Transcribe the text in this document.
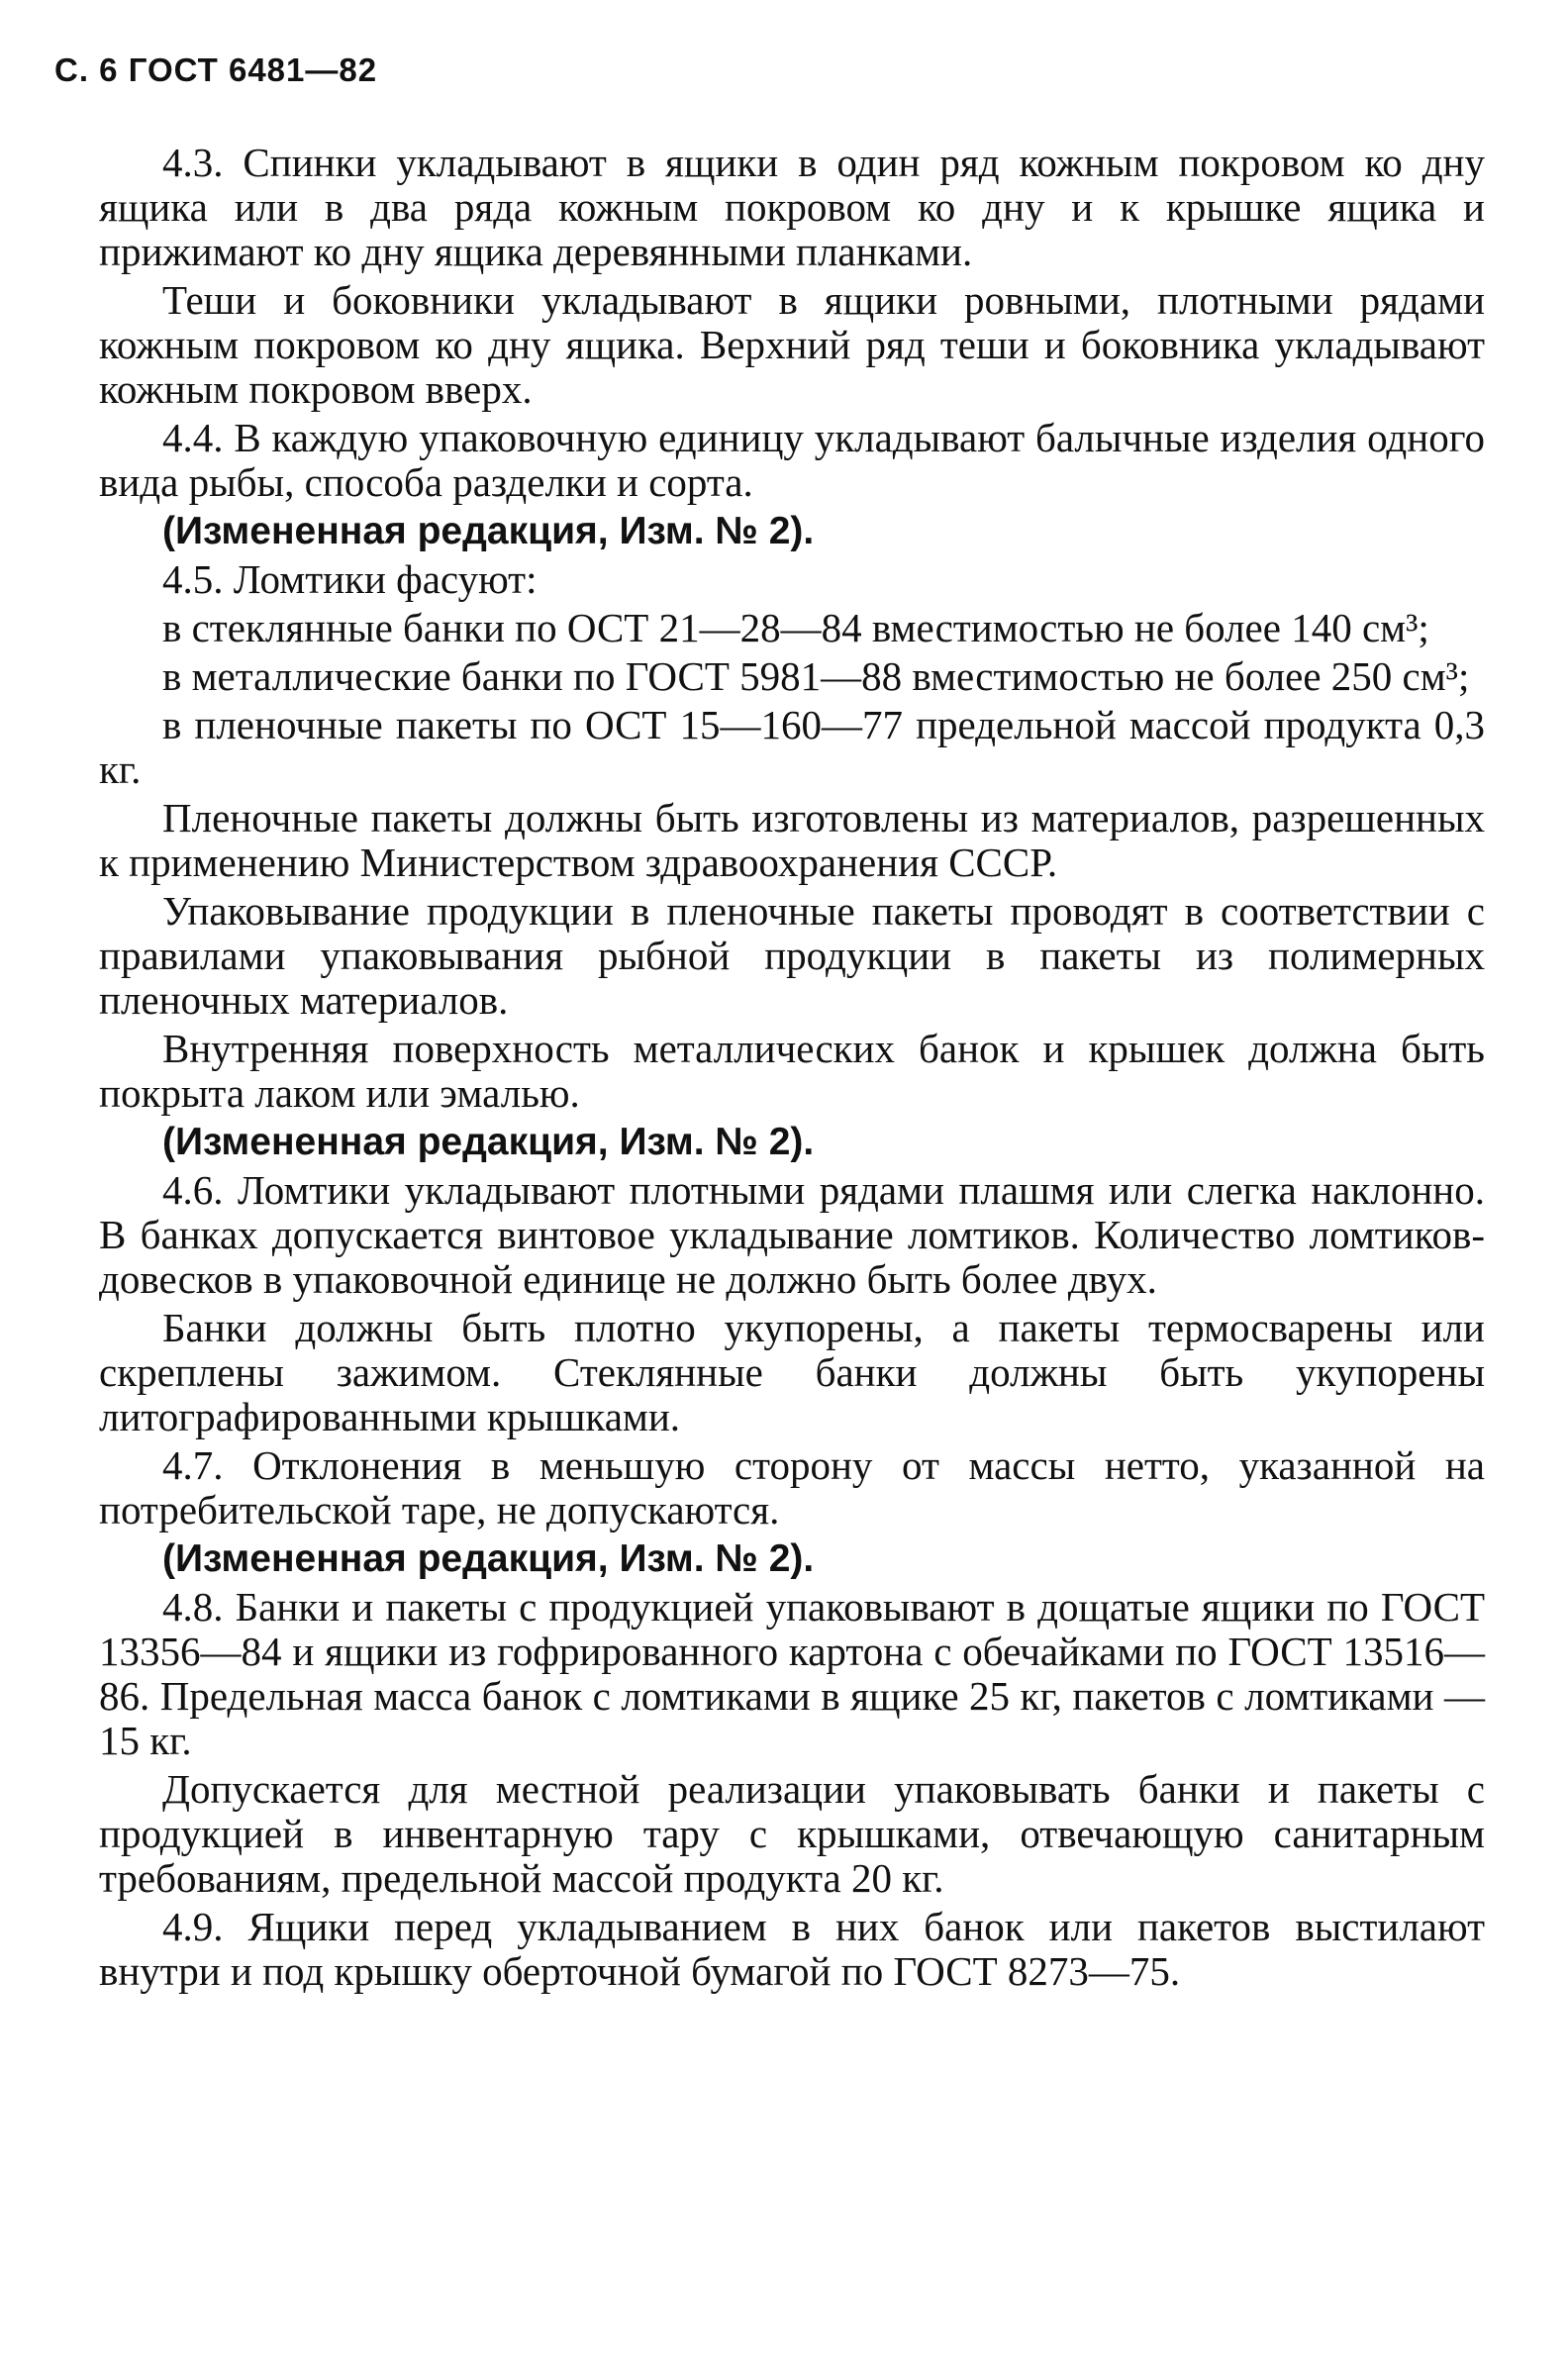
С. 6 ГОСТ 6481—82

4.3. Спинки укладывают в ящики в один ряд кожным покровом ко дну ящика или в два ряда кожным покровом ко дну и к крышке ящика и прижимают ко дну ящика деревянными планками.

Теши и боковники укладывают в ящики ровными, плотными рядами кожным покровом ко дну ящика. Верхний ряд теши и боковника укладывают кожным покровом вверх.

4.4. В каждую упаковочную единицу укладывают балычные изделия одного вида рыбы, способа разделки и сорта.

(Измененная редакция, Изм. № 2).

4.5. Ломтики фасуют:

в стеклянные банки по ОСТ 21—28—84 вместимостью не более 140 см³;

в металлические банки по ГОСТ 5981—88 вместимостью не более 250 см³;

в пленочные пакеты по ОСТ 15—160—77 предельной массой продукта 0,3 кг.

Пленочные пакеты должны быть изготовлены из материалов, разрешенных к применению Министерством здравоохранения СССР.

Упаковывание продукции в пленочные пакеты проводят в соответствии с правилами упаковывания рыбной продукции в пакеты из полимерных пленочных материалов.

Внутренняя поверхность металлических банок и крышек должна быть покрыта лаком или эмалью.

(Измененная редакция, Изм. № 2).

4.6. Ломтики укладывают плотными рядами плашмя или слегка наклонно. В банках допускается винтовое укладывание ломтиков. Количество ломтиков-довесков в упаковочной единице не должно быть более двух.

Банки должны быть плотно укупорены, а пакеты термосварены или скреплены зажимом. Стеклянные банки должны быть укупорены литографированными крышками.

4.7. Отклонения в меньшую сторону от массы нетто, указанной на потребительской таре, не допускаются.

(Измененная редакция, Изм. № 2).

4.8. Банки и пакеты с продукцией упаковывают в дощатые ящики по ГОСТ 13356—84 и ящики из гофрированного картона с обечайками по ГОСТ 13516—86. Предельная масса банок с ломтиками в ящике 25 кг, пакетов с ломтиками — 15 кг.

Допускается для местной реализации упаковывать банки и пакеты с продукцией в инвентарную тару с крышками, отвечающую санитарным требованиям, предельной массой продукта 20 кг.

4.9. Ящики перед укладыванием в них банок или пакетов выстилают внутри и под крышку оберточной бумагой по ГОСТ 8273—75.
